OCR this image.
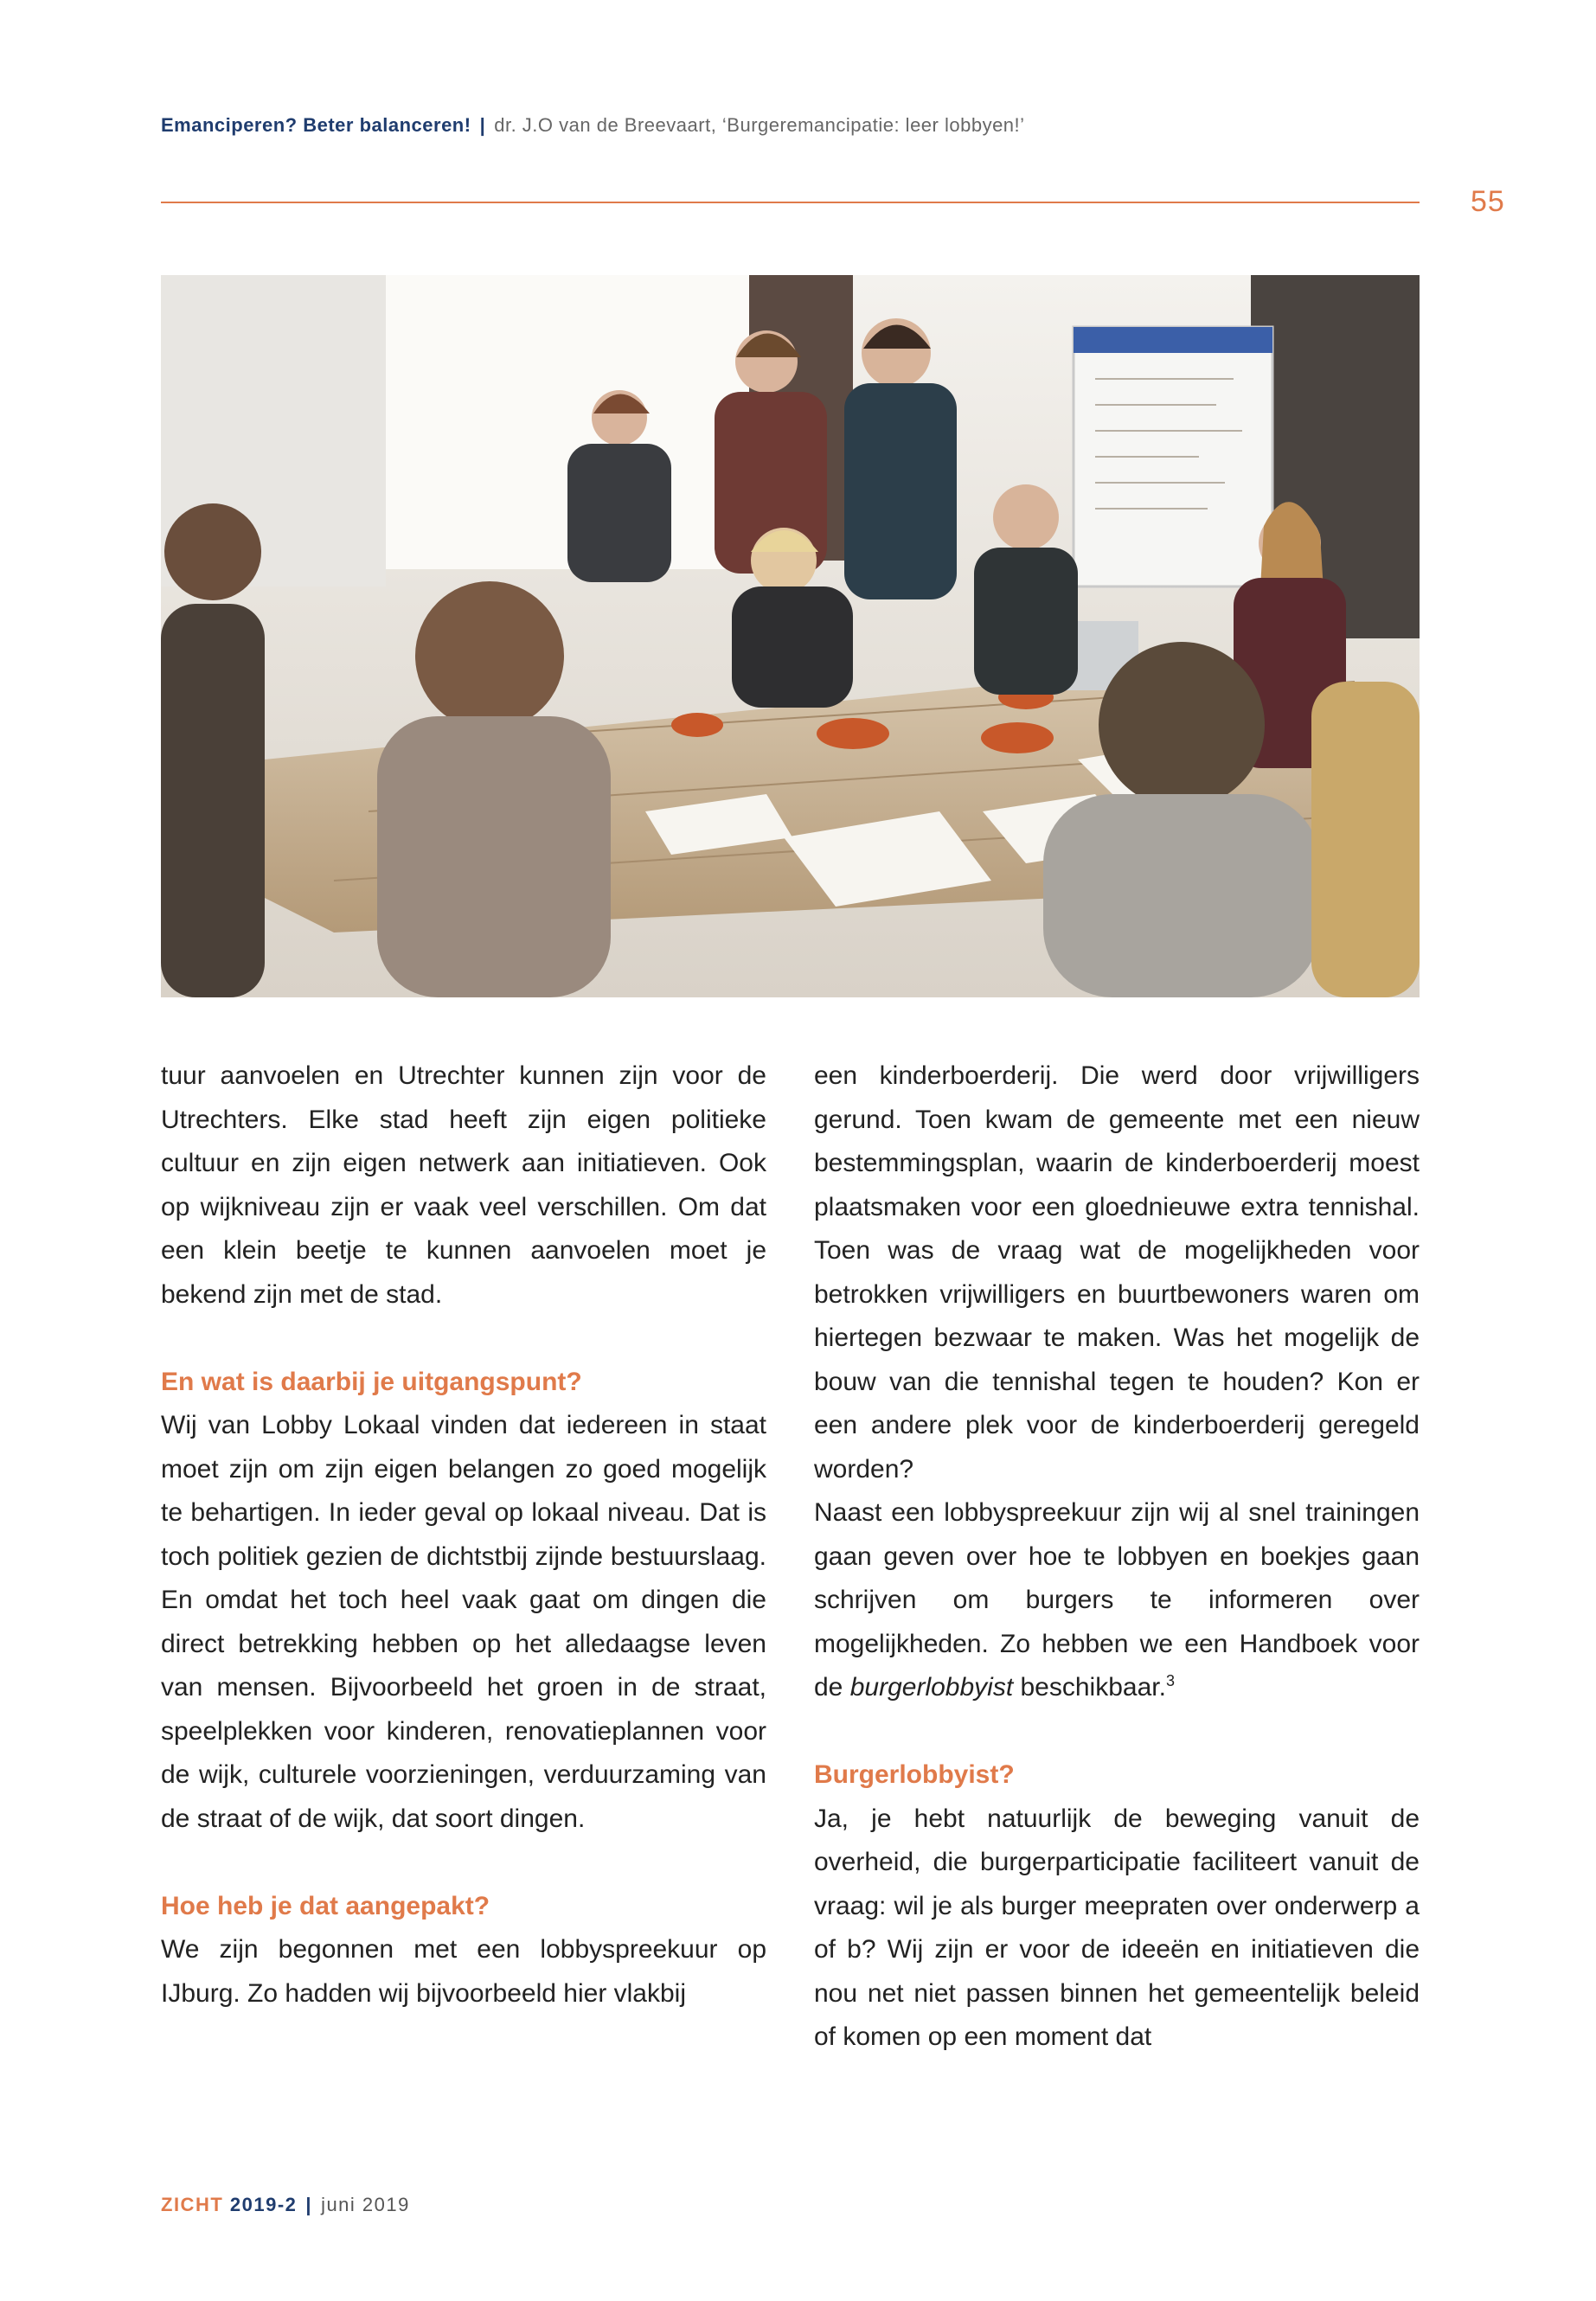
Emanciperen? Beter balanceren! | dr. J.O van de Breevaart, ‘Burgeremancipatie: leer lobbyen!’
55

tuur aanvoelen en Utrechter kunnen zijn voor de Utrechters. Elke stad heeft zijn eigen politieke cultuur en zijn eigen netwerk aan initiatieven. Ook op wijkniveau zijn er vaak veel verschillen. Om dat een klein beetje te kunnen aanvoelen moet je bekend zijn met de stad.

En wat is daarbij je uitgangspunt?

Wij van Lobby Lokaal vinden dat iedereen in staat moet zijn om zijn eigen belangen zo goed mogelijk te behartigen. In ieder geval op lokaal niveau. Dat is toch politiek gezien de dichtstbij zijnde bestuurslaag. En omdat het toch heel vaak gaat om dingen die direct betrekking hebben op het alledaagse leven van mensen. Bijvoorbeeld het groen in de straat, speelplekken voor kinderen, renovatieplannen voor de wijk, culturele voorzieningen, verduurzaming van de straat of de wijk, dat soort dingen.

Hoe heb je dat aangepakt?

We zijn begonnen met een lobbyspreekuur op IJburg. Zo hadden wij bijvoorbeeld hier vlakbij

een kinderboerderij. Die werd door vrijwilligers gerund. Toen kwam de gemeente met een nieuw bestemmingsplan, waarin de kinderboerderij moest plaatsmaken voor een gloednieuwe extra tennishal. Toen was de vraag wat de mogelijkheden voor betrokken vrijwilligers en buurtbewoners waren om hiertegen bezwaar te maken. Was het mogelijk de bouw van die tennishal tegen te houden? Kon er een andere plek voor de kinderboerderij geregeld worden?

Naast een lobbyspreekuur zijn wij al snel trainingen gaan geven over hoe te lobbyen en boekjes gaan schrijven om burgers te informeren over mogelijkheden. Zo hebben we een Handboek voor de burgerlobbyist beschikbaar.$^3$

Burgerlobbyist?

Ja, je hebt natuurlijk de beweging vanuit de overheid, die burgerparticipatie faciliteert vanuit de vraag: wil je als burger meepraten over onderwerp a of b? Wij zijn er voor de ideeën en initiatieven die nou net niet passen binnen het gemeentelijk beleid of komen op een moment dat

ZICHT 2019-2 | juni 2019
